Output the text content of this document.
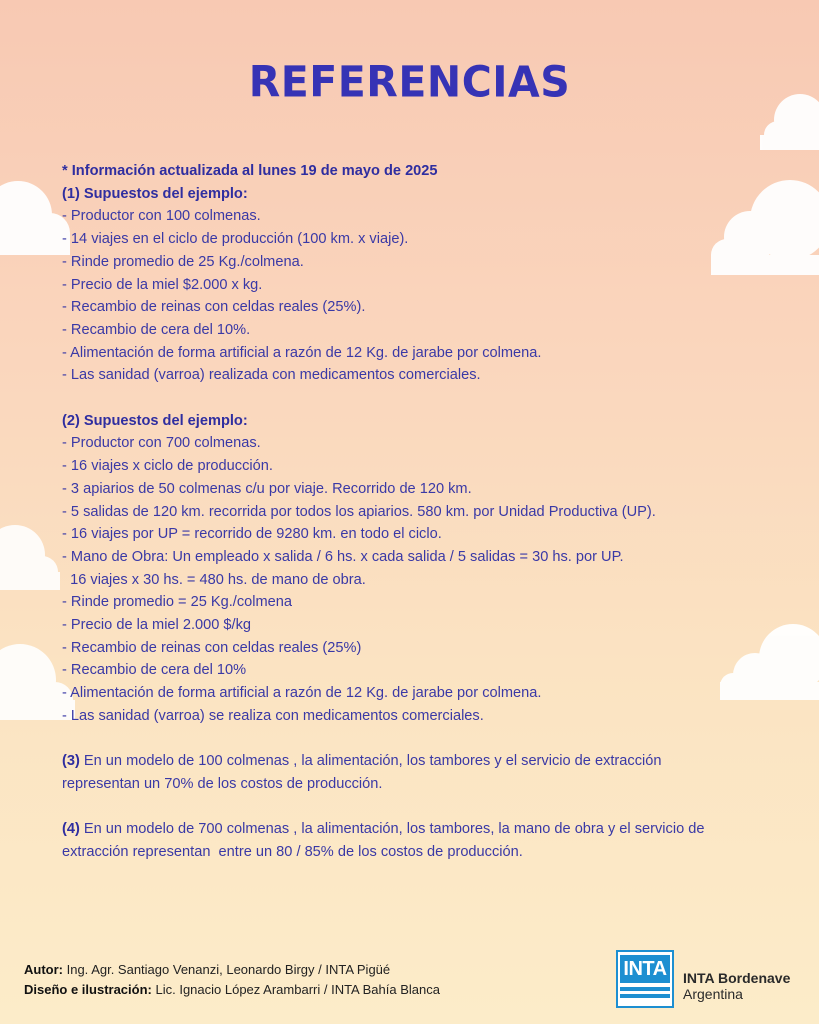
REFERENCIAS
* Información actualizada al lunes 19 de mayo de 2025
(1) Supuestos del ejemplo:
- Productor con 100 colmenas.
- 14 viajes en el ciclo de producción (100 km. x viaje).
- Rinde promedio de 25 Kg./colmena.
- Precio de la miel $2.000 x kg.
- Recambio de reinas con celdas reales (25%).
- Recambio de cera del 10%.
- Alimentación de forma artificial a razón de 12 Kg. de jarabe por colmena.
- Las sanidad (varroa) realizada con medicamentos comerciales.
(2) Supuestos del ejemplo:
- Productor con 700 colmenas.
- 16 viajes x ciclo de producción.
- 3 apiarios de 50 colmenas c/u por viaje. Recorrido de 120 km.
- 5 salidas de 120 km. recorrida por todos los apiarios. 580 km. por Unidad Productiva (UP).
- 16 viajes por UP = recorrido de 9280 km. en todo el ciclo.
- Mano de Obra: Un empleado x salida / 6 hs. x cada salida / 5 salidas = 30 hs. por UP.
16 viajes x 30 hs. = 480 hs. de mano de obra.
- Rinde promedio = 25 Kg./colmena
- Precio de la miel 2.000 $/kg
- Recambio de reinas con celdas reales (25%)
- Recambio de cera del 10%
- Alimentación de forma artificial a razón de 12 Kg. de jarabe por colmena.
- Las sanidad (varroa) se realiza con medicamentos comerciales.
(3) En un modelo de 100 colmenas , la alimentación, los tambores y el servicio de extracción
representan un 70% de los costos de producción.
(4) En un modelo de 700 colmenas , la alimentación, los tambores, la mano de obra y el servicio de
extracción representan  entre un 80 / 85% de los costos de producción.
Autor: Ing. Agr. Santiago Venanzi, Leonardo Birgy / INTA Pigüé
Diseño e ilustración: Lic. Ignacio López Arambarri / INTA Bahía Blanca
INTA INTA Bordenave
Argentina
